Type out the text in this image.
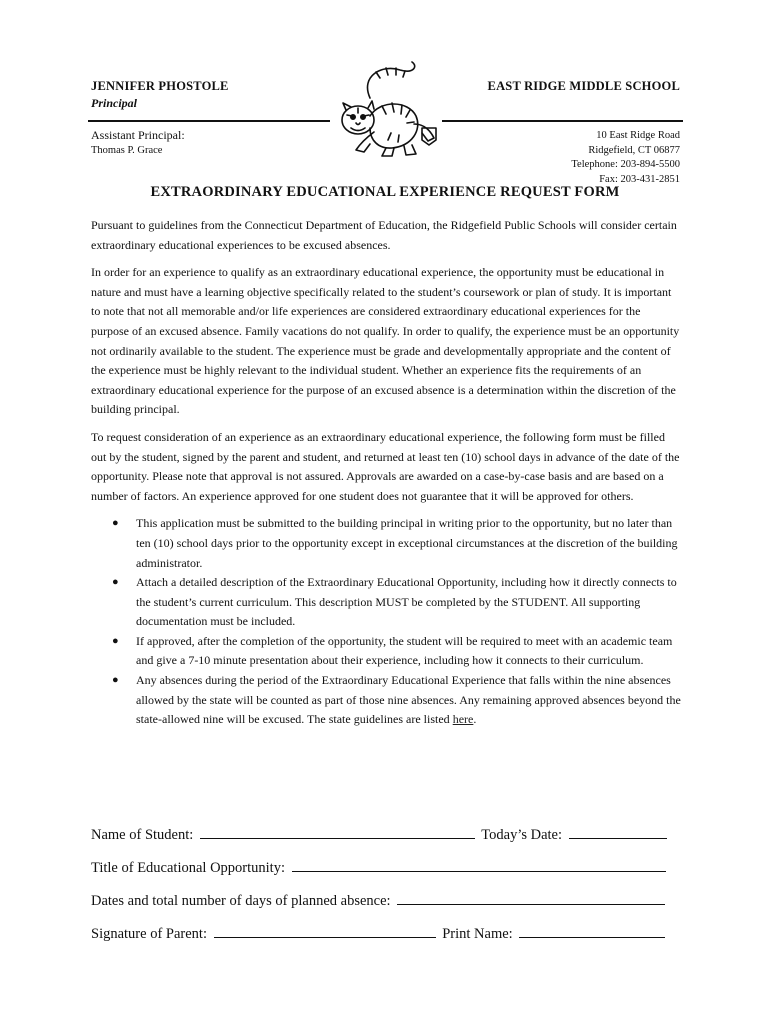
JENNIFER PHOSTOLE
Principal
EAST RIDGE MIDDLE SCHOOL
Assistant Principal:
Thomas P. Grace
10 East Ridge Road
Ridgefield, CT 06877
Telephone: 203-894-5500
Fax: 203-431-2851
EXTRAORDINARY EDUCATIONAL EXPERIENCE REQUEST FORM

Pursuant to guidelines from the Connecticut Department of Education, the Ridgefield Public Schools will consider certain extraordinary educational experiences to be excused absences.

In order for an experience to qualify as an extraordinary educational experience, the opportunity must be educational in nature and must have a learning objective specifically related to the student’s coursework or plan of study. It is important to note that not all memorable and/or life experiences are considered extraordinary educational experiences for the purpose of an excused absence. Family vacations do not qualify. In order to qualify, the experience must be an opportunity not ordinarily available to the student. The experience must be grade and developmentally appropriate and the content of the experience must be highly relevant to the individual student. Whether an experience fits the requirements of an extraordinary educational experience for the purpose of an excused absence is a determination within the discretion of the building principal.

To request consideration of an experience as an extraordinary educational experience, the following form must be filled out by the student, signed by the parent and student, and returned at least ten (10) school days in advance of the date of the opportunity. Please note that approval is not assured. Approvals are awarded on a case-by-case basis and are based on a number of factors. An experience approved for one student does not guarantee that it will be approved for others.

● This application must be submitted to the building principal in writing prior to the opportunity, but no later than ten (10) school days prior to the opportunity except in exceptional circumstances at the discretion of the building administrator.
● Attach a detailed description of the Extraordinary Educational Opportunity, including how it directly connects to the student’s current curriculum. This description MUST be completed by the STUDENT. All supporting documentation must be included.
● If approved, after the completion of the opportunity, the student will be required to meet with an academic team and give a 7-10 minute presentation about their experience, including how it connects to their curriculum.
● Any absences during the period of the Extraordinary Educational Experience that falls within the nine absences allowed by the state will be counted as part of those nine absences. Any remaining approved absences beyond the state-allowed nine will be excused. The state guidelines are listed here.
Name of Student:	Today’s Date:
Title of Educational Opportunity:
Dates and total number of days of planned absence:
Signature of Parent:	Print Name:
